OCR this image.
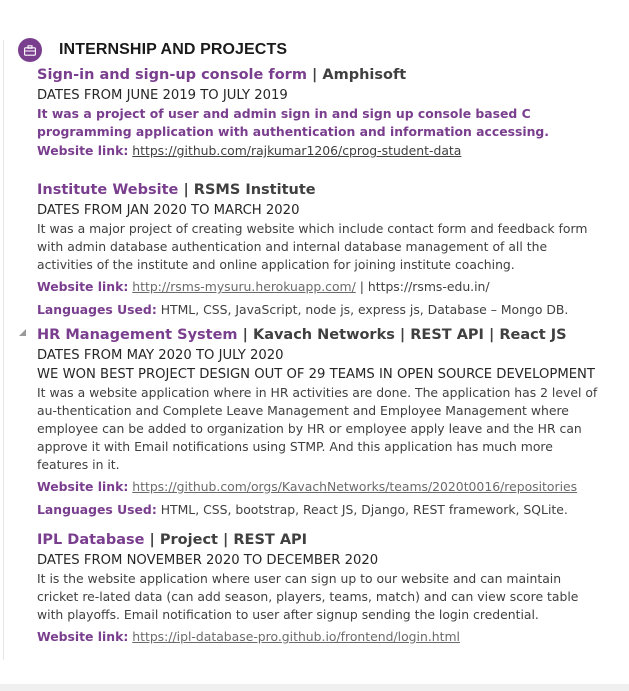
INTERNSHIP AND PROJECTS
Sign-in and sign-up console form | Amphisoft
DATES FROM JUNE 2019 TO JULY 2019
It was a project of user and admin sign in and sign up console based C programming application with authentication and information accessing.
Website link: https://github.com/rajkumar1206/cprog-student-data
Institute Website | RSMS Institute
DATES FROM JAN 2020 TO MARCH 2020
It was a major project of creating website which include contact form and feedback form with admin database authentication and internal database management of all the activities of the institute and online application for joining institute coaching.
Website link: http://rsms-mysuru.herokuapp.com/ | https://rsms-edu.in/
Languages Used: HTML, CSS, JavaScript, node js, express js, Database – Mongo DB.
HR Management System | Kavach Networks | REST API | React JS
DATES FROM MAY 2020 TO JULY 2020
WE WON BEST PROJECT DESIGN OUT OF 29 TEAMS IN OPEN SOURCE DEVELOPMENT
It was a website application where in HR activities are done. The application has 2 level of au-thentication and Complete Leave Management and Employee Management where employee can be added to organization by HR or employee apply leave and the HR can approve it with Email notifications using STMP. And this application has much more features in it.
Website link: https://github.com/orgs/KavachNetworks/teams/2020t0016/repositories
Languages Used: HTML, CSS, bootstrap, React JS, Django, REST framework, SQLite.
IPL Database | Project | REST API
DATES FROM NOVEMBER 2020 TO DECEMBER 2020
It is the website application where user can sign up to our website and can maintain cricket re-lated data (can add season, players, teams, match) and can view score table with playoffs. Email notification to user after signup sending the login credential.
Website link: https://ipl-database-pro.github.io/frontend/login.html
